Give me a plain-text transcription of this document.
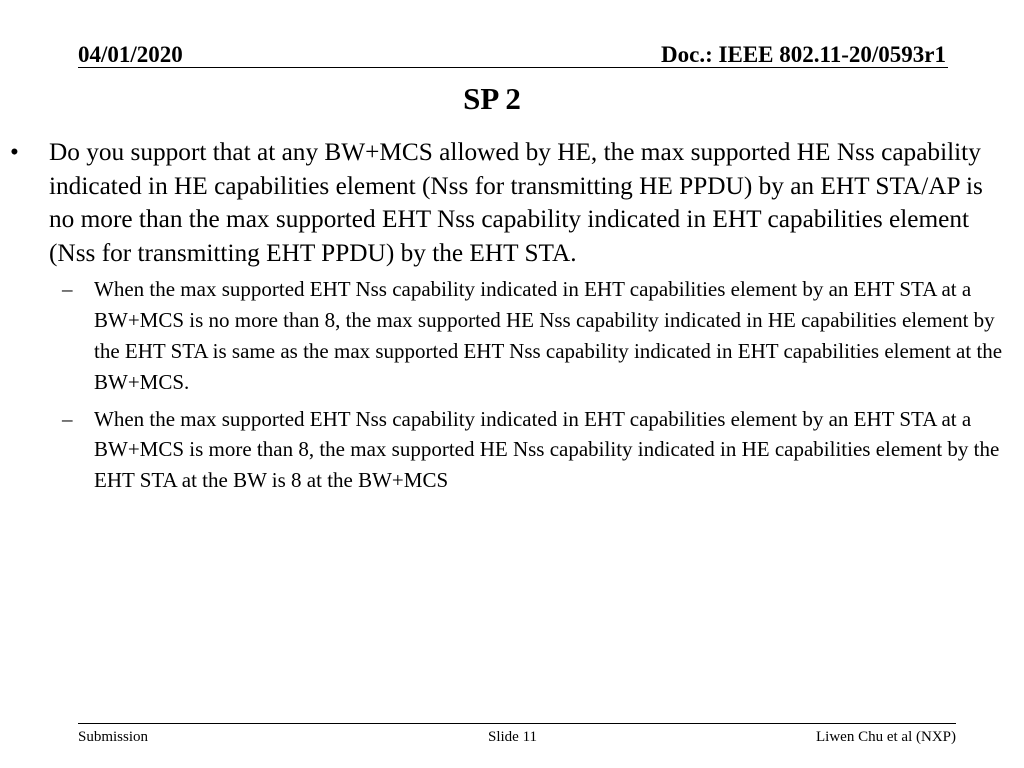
04/01/2020	Doc.: IEEE 802.11-20/0593r1
SP 2
• Do you support that at any BW+MCS allowed by HE, the max supported HE Nss capability indicated in HE capabilities element (Nss for transmitting HE PPDU) by an EHT STA/AP is no more than the max supported EHT Nss capability indicated in EHT capabilities element (Nss for transmitting EHT PPDU) by the EHT STA.
– When the max supported EHT Nss capability indicated in EHT capabilities element by an EHT STA at a BW+MCS is no more than 8, the max supported HE Nss capability indicated in HE capabilities element by the EHT STA is same as the max supported EHT Nss capability indicated in EHT capabilities element at the BW+MCS.
– When the max supported EHT Nss capability indicated in EHT capabilities element by an EHT STA at a BW+MCS is more than 8, the max supported HE Nss capability indicated in HE capabilities element by the EHT STA at the BW is 8 at the BW+MCS
Submission	Slide 11	Liwen Chu et al (NXP)
